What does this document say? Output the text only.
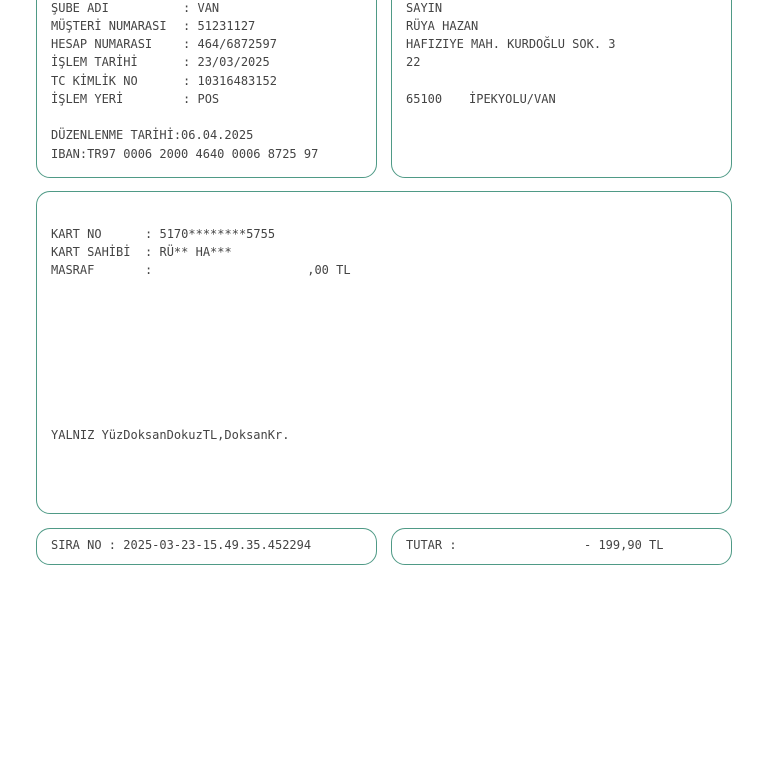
ŞUBE ADI	: VAN
MÜŞTERİ NUMARASI : 51231127
HESAP NUMARASI	: 464/6872597
İŞLEM TARİHİ	: 23/03/2025
TC KİMLİK NO	: 10316483152
İŞLEM YERİ	: POS
DÜZENLENME TARİHİ:06.04.2025
IBAN:TR97 0006 2000 4640 0006 8725 97
SAYIN
RÜYA HAZAN
HAFIZIYE MAH. KURDOĞLU SOK. 3
22
65100 İPEKYOLU/VAN
KART NO	: 5170********5755
KART SAHİBİ : RÜ** HA***
MASRAF	:	,00 TL
YALNIZ YüzDoksanDokuzTL,DoksanKr.
SIRA NO : 2025-03-23-15.49.35.452294	TUTAR :	- 199,90 TL
